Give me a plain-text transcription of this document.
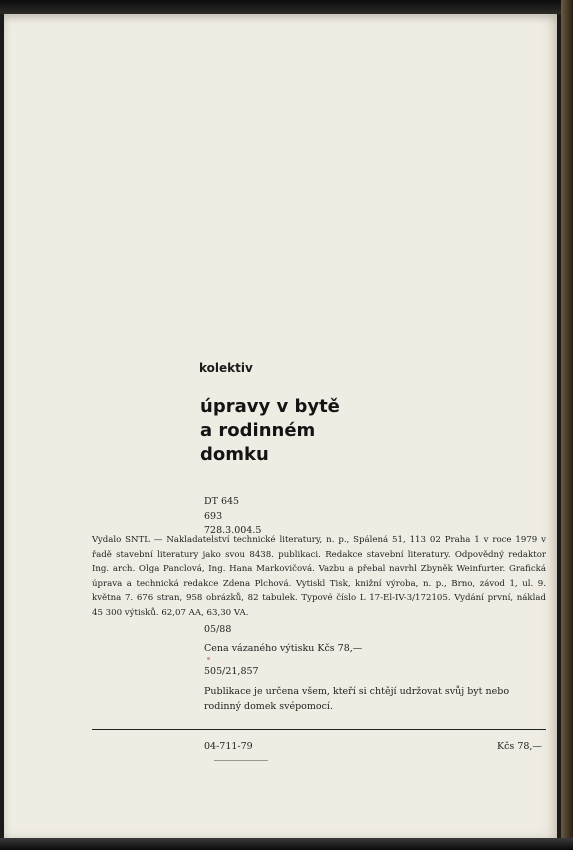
kolektiv

úpravy v bytě
a rodinném
domku
DT 645
693
728.3.004.5

Vydalo SNTL — Nakladatelství technické literatury, n. p., Spálená 51, 113 02 Praha 1 v roce 1979 v řadě stavební literatury jako svou 8438. publikaci. Redakce stavební literatury. Odpovědný redaktor Ing. arch. Olga Panclová, Ing. Hana Markovičová. Vazbu a přebal navrhl Zbyněk Weinfurter. Grafická úprava a technická redakce Zdena Plchová. Vytiskl Tisk, knižní výroba, n. p., Brno, závod 1, ul. 9. května 7. 676 stran, 958 obrázků, 82 tabulek. Typové číslo L 17-El-IV-3/172105. Vydání první, náklad 45 300 výtisků. 62,07 AA, 63,30 VA.

05/88
Cena vázaného výtisku Kčs 78,—
505/21,857

Publikace je určena všem, kteří si chtějí udržovat svůj byt nebo rodinný domek svépomocí.

04-711-79	Kčs 78,—
